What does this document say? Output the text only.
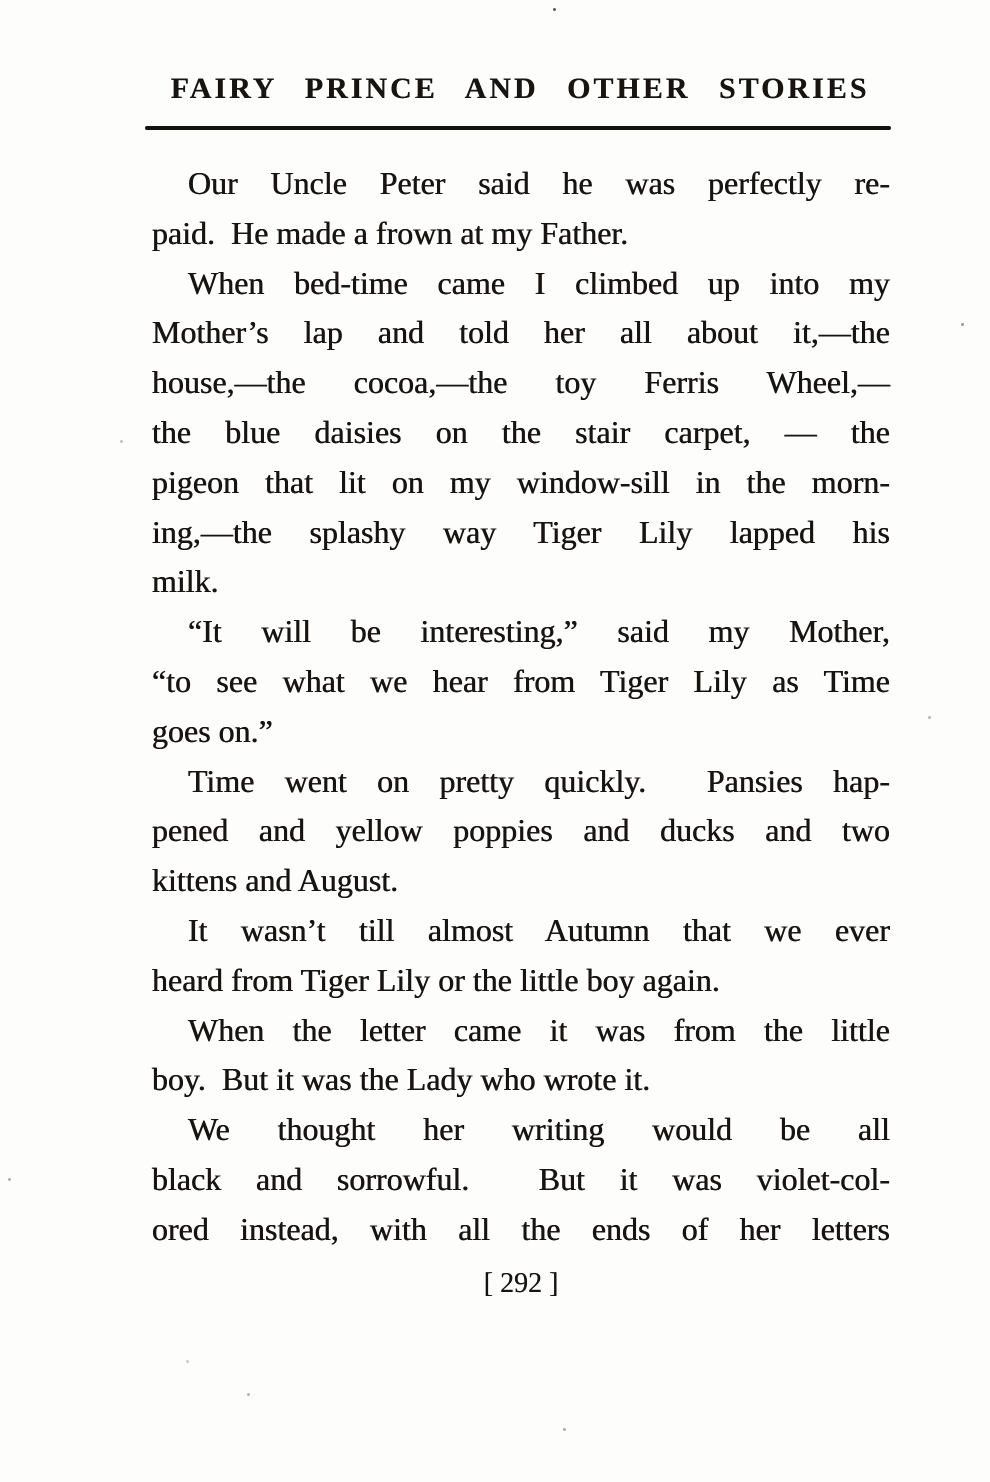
FAIRY PRINCE AND OTHER STORIES
Our Uncle Peter said he was perfectly re-
paid.  He made a frown at my Father.
When bed-time came I climbed up into my
Mother’s lap and told her all about it,—the
house,—the cocoa,—the toy Ferris Wheel,—
the blue daisies on the stair carpet, — the
pigeon that lit on my window-sill in the morn-
ing,—the splashy way Tiger Lily lapped his
milk.
“It will be interesting,” said my Mother,
“to see what we hear from Tiger Lily as Time
goes on.”
Time went on pretty quickly.  Pansies hap-
pened and yellow poppies and ducks and two
kittens and August.
It wasn’t till almost Autumn that we ever
heard from Tiger Lily or the little boy again.
When the letter came it was from the little
boy.  But it was the Lady who wrote it.
We thought her writing would be all
black and sorrowful.  But it was violet-col-
ored instead, with all the ends of her letters
[ 292 ]
